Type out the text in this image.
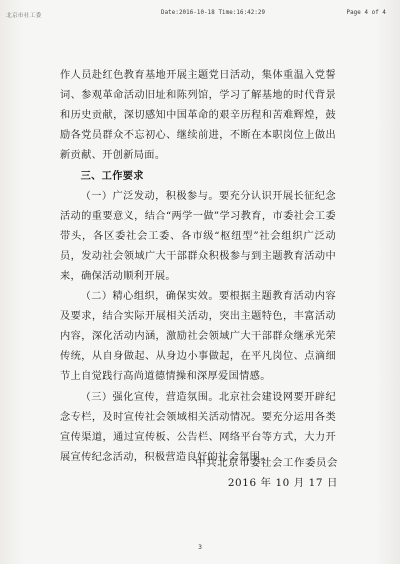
北京市社工委	Date:2016-10-18 Time:16:42:29	Page 4 of 4

作人员赴红色教育基地开展主题党日活动，集体重温入党誓词、参观革命活动旧址和陈列馆，学习了解基地的时代背景和历史贡献，深切感知中国革命的艰辛历程和苦难辉煌，鼓励各党员群众不忘初心、继续前进，不断在本职岗位上做出新贡献、开创新局面。

三、工作要求

（一）广泛发动，积极参与。要充分认识开展长征纪念活动的重要意义，结合“两学一做”学习教育，市委社会工委带头，各区委社会工委、各市级“枢纽型”社会组织广泛动员，发动社会领域广大干部群众积极参与到主题教育活动中来，确保活动顺利开展。

（二）精心组织，确保实效。要根据主题教育活动内容及要求，结合实际开展相关活动，突出主题特色，丰富活动内容，深化活动内涵，激励社会领域广大干部群众继承光荣传统，从自身做起、从身边小事做起，在平凡岗位、点滴细节上自觉践行高尚道德情操和深厚爱国情感。

（三）强化宣传，营造氛围。北京社会建设网要开辟纪念专栏，及时宣传社会领域相关活动情况。要充分运用各类宣传渠道，通过宣传板、公告栏、网络平台等方式，大力开展宣传纪念活动，积极营造良好的社会氛围。

中共北京市委社会工作委员会
2016 年 10 月 17 日
3
